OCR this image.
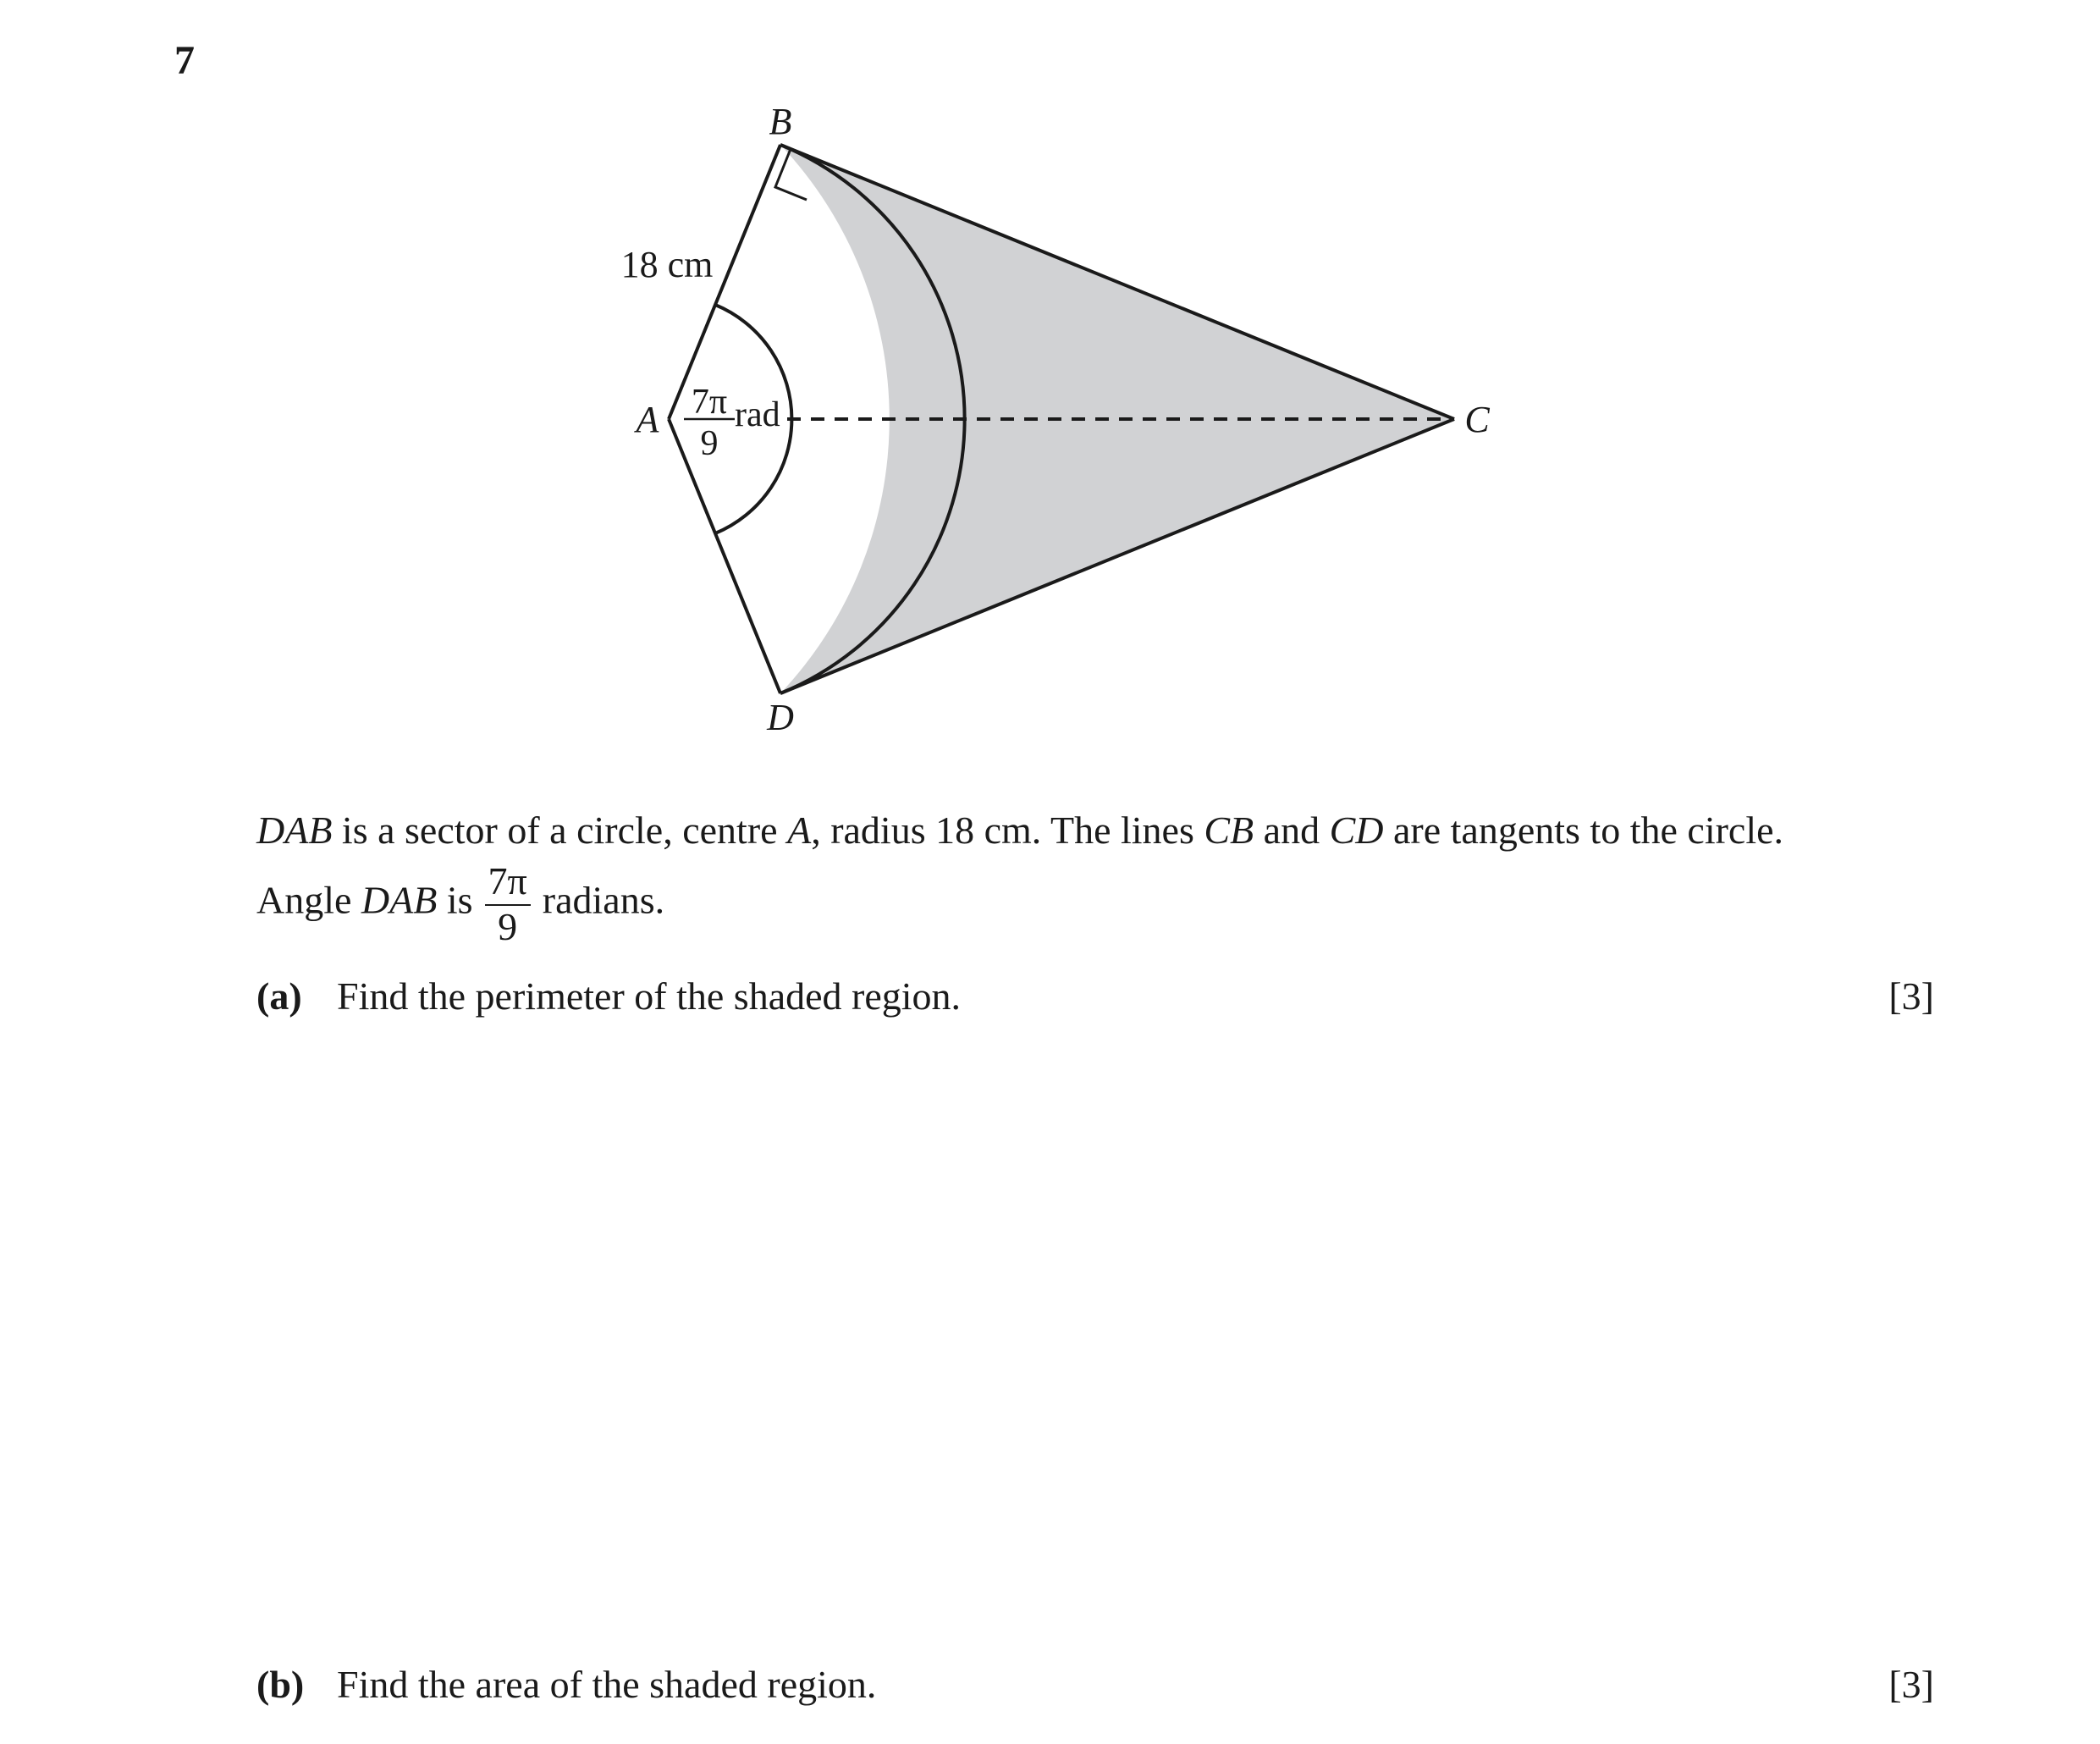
7
B
A	C
D
18 cm
7π
9
rad
DAB is a sector of a circle, centre A, radius 18 cm. The lines CB and CD are tangents to the circle.
Angle DAB is $\frac{7\pi}{9}$ radians.
(a) Find the perimeter of the shaded region.	[3]
(b) Find the area of the shaded region.	[3]
